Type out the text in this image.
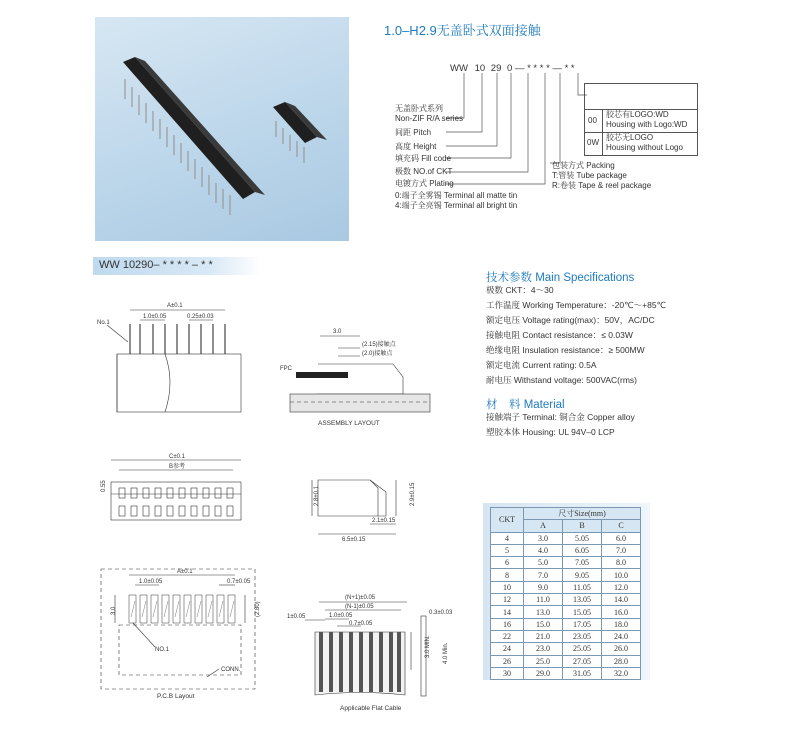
1.0–H2.9无盖卧式双面接触
WW 10 29 0 — * * * * — * *
无盖卧式系列
Non-ZIF R/A series
间距 Pitch
高度 Height
填充码 Fill code
极数 NO.of CKT
电镀方式 Plating
0:端子全雾锡 Terminal all matte tin
4:端子全亮锡 Terminal all bright tin
00
胶芯有LOGO:WD
Housing with Logo:WD
0W
胶芯无LOGO
Housing without Logo
包装方式 Packing
T:管装 Tube package
R:卷装 Tape & reel package
WW 10290– * * * * – * *
技术参数 Main Specifications
极数 CKT：4～30
工作温度 Working Temperature：-20℃～+85℃
额定电压 Voltage rating(max)：50V，AC/DC
接触电阻 Contact resistance：≤ 0.03W
绝缘电阻 Insulation resistance：≥ 500MW
额定电流 Current rating: 0.5A
耐电压 Withstand voltage: 500VAC(rms)
材　料 Material
接触端子 Terminal: 铜合金 Copper alloy
塑胶本体 Housing: UL 94V–0 LCP
A±0.1
1.0±0.05	0.25±0.03
No.1
3.0
(2.15)接触点
(2.0)接触点
FPC
ASSEMBLY LAYOUT
C±0.1
B参考
0.55	2.8±0.1	2.9±0.15
2.1±0.15
6.5±0.15
A±0.1
1.0±0.05	0.7±0.05
3.0	(2.80)
NO.1
CONN.
P.C.B Layout
(N+1)±0.05
(N-1)±0.05
1.0±0.05
0.7±0.05
1±0.05
3.0 MIN.
0.3±0.03
4.0 Min.
Applicable Flat Cable
CKT	尺寸Size(mm)		
	A	B	C
4	3.0	5.05	6.0
5	4.0	6.05	7.0
6	5.0	7.05	8.0
8	7.0	9.05	10.0
10	9.0	11.05	12.0
12	11.0	13.05	14.0
14	13.0	15.05	16.0
16	15.0	17.05	18.0
22	21.0	23.05	24.0
24	23.0	25.05	26.0
26	25.0	27.05	28.0
30	29.0	31.05	32.0
